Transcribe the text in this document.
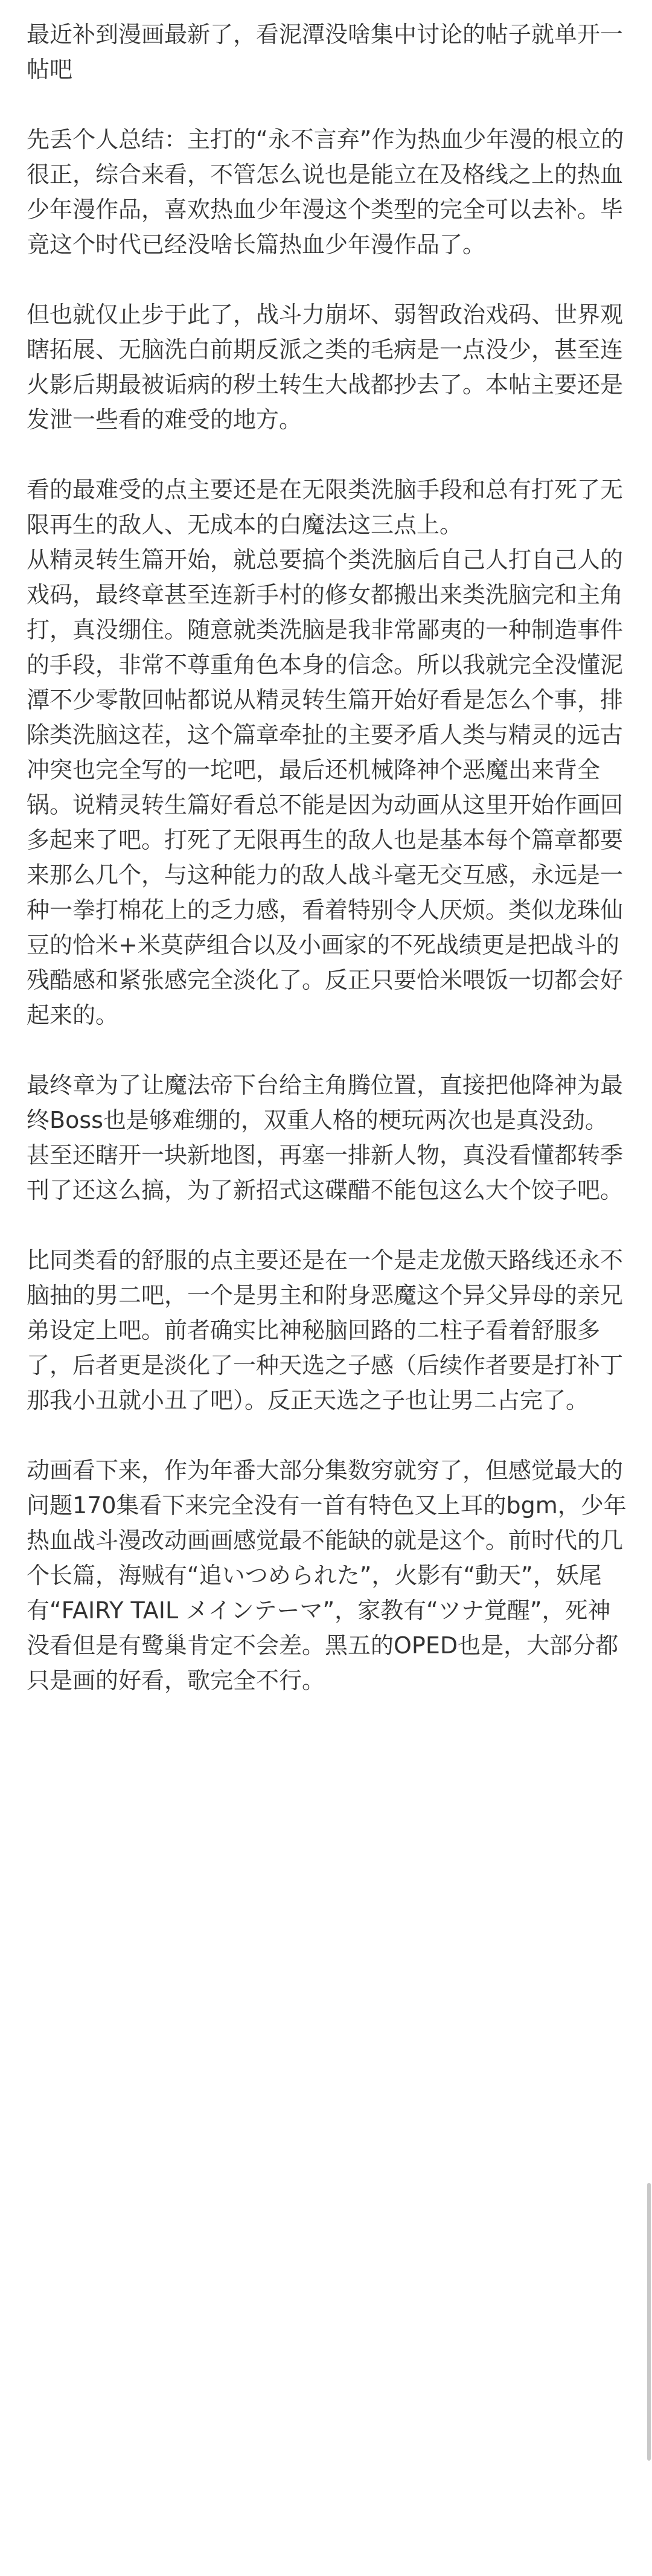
最近补到漫画最新了，看泥潭没啥集中讨论的帖子就单开一帖吧

先丢个人总结：主打的“永不言弃”作为热血少年漫的根立的很正，综合来看，不管怎么说也是能立在及格线之上的热血少年漫作品，喜欢热血少年漫这个类型的完全可以去补。毕竟这个时代已经没啥长篇热血少年漫作品了。

但也就仅止步于此了，战斗力崩坏、弱智政治戏码、世界观瞎拓展、无脑洗白前期反派之类的毛病是一点没少，甚至连火影后期最被诟病的秽土转生大战都抄去了。本帖主要还是发泄一些看的难受的地方。

看的最难受的点主要还是在无限类洗脑手段和总有打死了无限再生的敌人、无成本的白魔法这三点上。

从精灵转生篇开始，就总要搞个类洗脑后自己人打自己人的戏码，最终章甚至连新手村的修女都搬出来类洗脑完和主角打，真没绷住。随意就类洗脑是我非常鄙夷的一种制造事件的手段，非常不尊重角色本身的信念。所以我就完全没懂泥潭不少零散回帖都说从精灵转生篇开始好看是怎么个事，排除类洗脑这茬，这个篇章牵扯的主要矛盾人类与精灵的远古冲突也完全写的一坨吧，最后还机械降神个恶魔出来背全锅。说精灵转生篇好看总不能是因为动画从这里开始作画回多起来了吧。打死了无限再生的敌人也是基本每个篇章都要来那么几个，与这种能力的敌人战斗毫无交互感，永远是一种一拳打棉花上的乏力感，看着特别令人厌烦。类似龙珠仙豆的恰米+米莫萨组合以及小画家的不死战绩更是把战斗的残酷感和紧张感完全淡化了。反正只要恰米喂饭一切都会好起来的。

最终章为了让魔法帝下台给主角腾位置，直接把他降神为最终Boss也是够难绷的，双重人格的梗玩两次也是真没劲。甚至还瞎开一块新地图，再塞一排新人物，真没看懂都转季刊了还这么搞，为了新招式这碟醋不能包这么大个饺子吧。

比同类看的舒服的点主要还是在一个是走龙傲天路线还永不脑抽的男二吧，一个是男主和附身恶魔这个异父异母的亲兄弟设定上吧。前者确实比神秘脑回路的二柱子看着舒服多了，后者更是淡化了一种天选之子感（后续作者要是打补丁那我小丑就小丑了吧）。反正天选之子也让男二占完了。

动画看下来，作为年番大部分集数穷就穷了，但感觉最大的问题170集看下来完全没有一首有特色又上耳的bgm，少年热血战斗漫改动画画感觉最不能缺的就是这个。前时代的几个长篇，海贼有“追いつめられた”，火影有“動天”，妖尾有“FAIRY TAIL メインテーマ”，家教有“ツナ覚醒”，死神没看但是有鹭巢肯定不会差。黑五的OPED也是，大部分都只是画的好看，歌完全不行。
